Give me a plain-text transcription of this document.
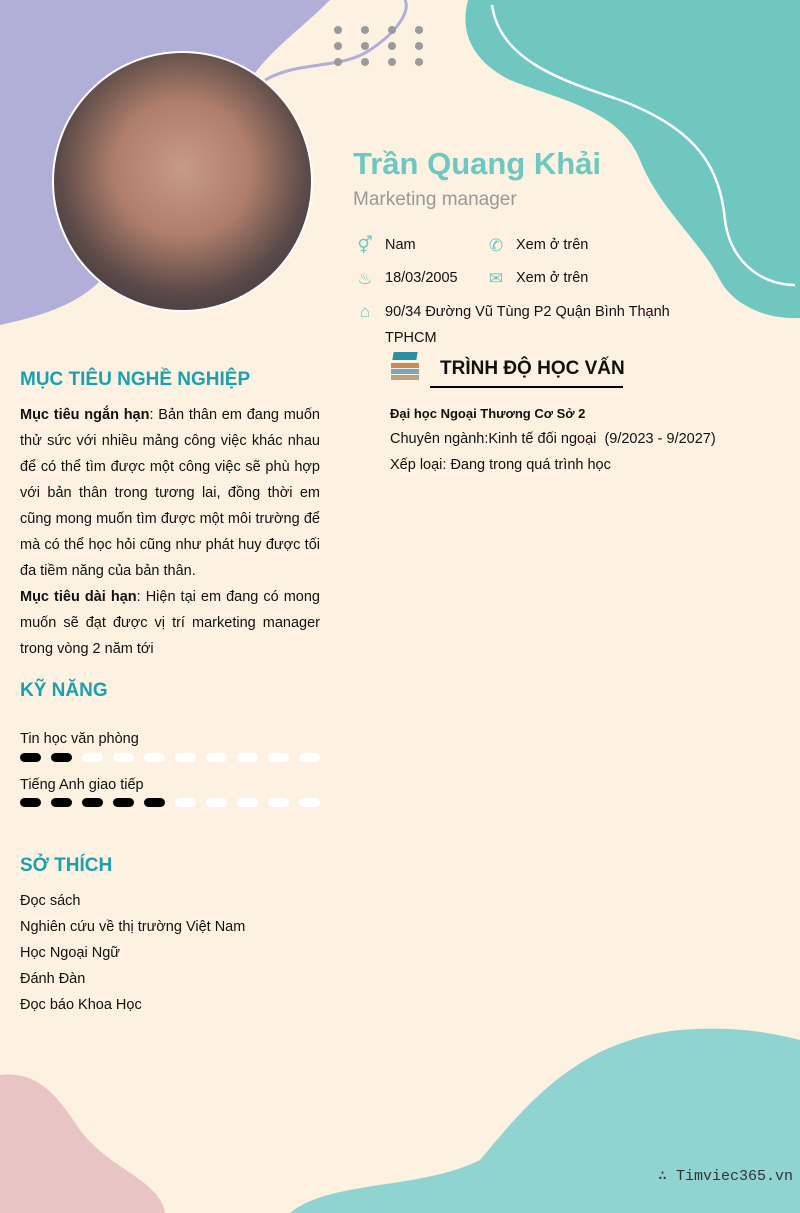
Trần Quang Khải
Marketing manager
⚥ Nam	✆ Xem ở trên
♨ 18/03/2005 ✉ Xem ở trên
⌂	90/34 Đường Vũ Tùng P2 Quận Bình Thạnh
TPHCM
TRÌNH ĐỘ HỌC VẤN
Đại học Ngoại Thương Cơ Sở 2
Chuyên ngành:Kinh tế đối ngoại  (9/2023 - 9/2027)
Xếp loại: Đang trong quá trình học
MỤC TIÊU NGHỀ NGHIỆP
Mục tiêu ngắn hạn: Bản thân em đang muốn thử sức với nhiều mảng công việc khác nhau để có thể tìm được một công việc sẽ phù hợp với bản thân trong tương lai, đồng thời em cũng mong muốn tìm được một môi trường để mà có thể học hỏi cũng như phát huy được tối đa tiềm năng của bản thân.
Mục tiêu dài hạn: Hiện tại em đang có mong muốn sẽ đạt được vị trí marketing manager trong vòng 2 năm tới
KỸ NĂNG
Tin học văn phòng
Tiếng Anh giao tiếp
SỞ THÍCH
Đọc sách
Nghiên cứu về thị trường Việt Nam
Học Ngoại Ngữ
Đánh Đàn
Đọc báo Khoa Học
∴ Timviec365.vn
